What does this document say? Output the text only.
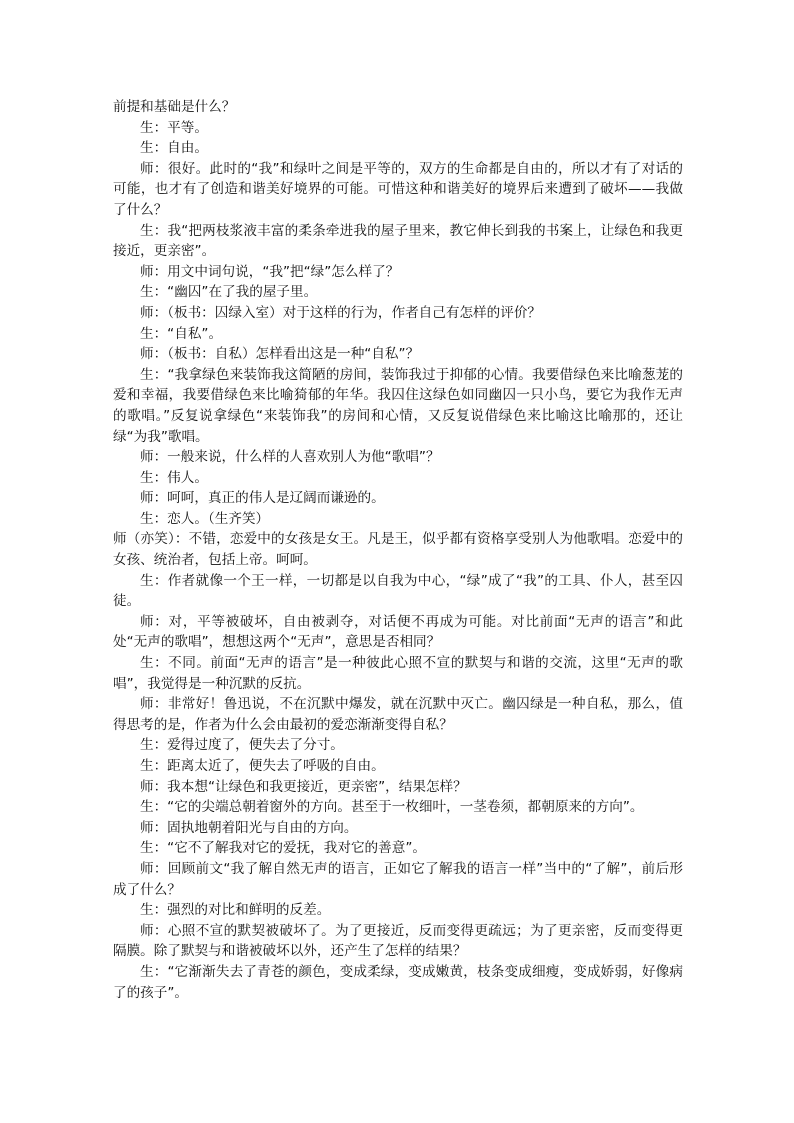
前提和基础是什么？

生：平等。

生：自由。

师：很好。此时的“我”和绿叶之间是平等的，双方的生命都是自由的，所以才有了对话的可能，也才有了创造和谐美好境界的可能。可惜这种和谐美好的境界后来遭到了破坏——我做了什么？

生：我“把两枝浆液丰富的柔条牵进我的屋子里来，教它伸长到我的书案上，让绿色和我更接近，更亲密”。

师：用文中词句说，“我”把“绿”怎么样了？

生：“幽囚”在了我的屋子里。

师：（板书：囚绿入室）对于这样的行为，作者自己有怎样的评价？

生：“自私”。

师：（板书：自私）怎样看出这是一种“自私”？

生：“我拿绿色来装饰我这简陋的房间，装饰我过于抑郁的心情。我要借绿色来比喻葱茏的爱和幸福，我要借绿色来比喻猗郁的年华。我囚住这绿色如同幽囚一只小鸟，要它为我作无声的歌唱。”反复说拿绿色“来装饰我”的房间和心情，又反复说借绿色来比喻这比喻那的，还让绿“为我”歌唱。

师：一般来说，什么样的人喜欢别人为他“歌唱”？

生：伟人。

师：呵呵，真正的伟人是辽阔而谦逊的。

生：恋人。（生齐笑）

师（亦笑）：不错，恋爱中的女孩是女王。凡是王，似乎都有资格享受别人为他歌唱。恋爱中的女孩、统治者，包括上帝。呵呵。

生：作者就像一个王一样，一切都是以自我为中心，“绿”成了“我”的工具、仆人，甚至囚徒。

师：对，平等被破坏，自由被剥夺，对话便不再成为可能。对比前面“无声的语言”和此处“无声的歌唱”，想想这两个“无声”，意思是否相同？

生：不同。前面“无声的语言”是一种彼此心照不宣的默契与和谐的交流，这里“无声的歌唱”，我觉得是一种沉默的反抗。

师：非常好！鲁迅说，不在沉默中爆发，就在沉默中灭亡。幽囚绿是一种自私，那么，值得思考的是，作者为什么会由最初的爱恋渐渐变得自私？

生：爱得过度了，便失去了分寸。

生：距离太近了，便失去了呼吸的自由。

师：我本想“让绿色和我更接近，更亲密”，结果怎样？

生：“它的尖端总朝着窗外的方向。甚至于一枚细叶，一茎卷须，都朝原来的方向”。

师：固执地朝着阳光与自由的方向。

生：“它不了解我对它的爱抚，我对它的善意”。

师：回顾前文“我了解自然无声的语言，正如它了解我的语言一样”当中的“了解”，前后形成了什么？

生：强烈的对比和鲜明的反差。

师：心照不宣的默契被破坏了。为了更接近，反而变得更疏远；为了更亲密，反而变得更隔膜。除了默契与和谐被破坏以外，还产生了怎样的结果？

生：“它渐渐失去了青苍的颜色，变成柔绿，变成嫩黄，枝条变成细瘦，变成娇弱，好像病了的孩子”。
